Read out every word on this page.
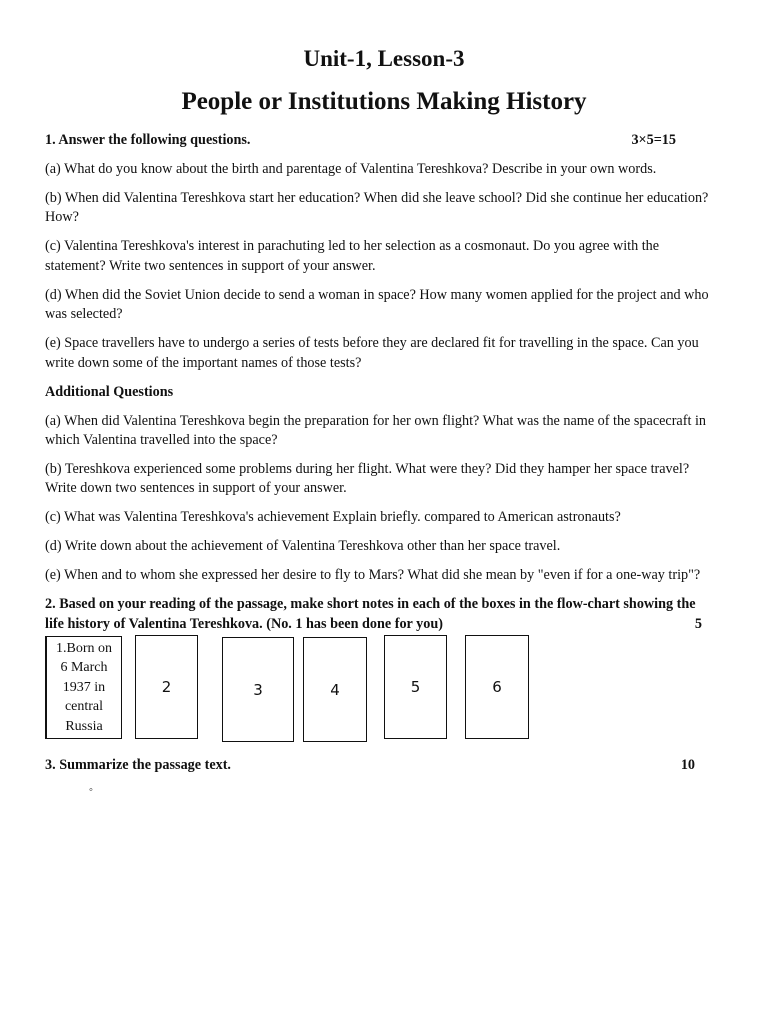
Unit-1, Lesson-3
People or Institutions Making History

1. Answer the following questions.	3×5=15

(a) What do you know about the birth and parentage of Valentina Tereshkova? Describe in your own words.

(b) When did Valentina Tereshkova start her education? When did she leave school? Did she continue her education? How?

(c) Valentina Tereshkova's interest in parachuting led to her selection as a cosmonaut. Do you agree with the statement? Write two sentences in support of your answer.

(d) When did the Soviet Union decide to send a woman in space? How many women applied for the project and who was selected?

(e) Space travellers have to undergo a series of tests before they are declared fit for travelling in the space. Can you write down some of the important names of those tests?

Additional Questions

(a) When did Valentina Tereshkova begin the preparation for her own flight? What was the name of the spacecraft in which Valentina travelled into the space?

(b) Tereshkova experienced some problems during her flight. What were they? Did they hamper her space travel? Write down two sentences in support of your answer.

(c) What was Valentina Tereshkova's achievement Explain briefly. compared to American astronauts?

(d) Write down about the achievement of Valentina Tereshkova other than her space travel.

(e) When and to whom she expressed her desire to fly to Mars? What did she mean by "even if for a one-way trip"?

2. Based on your reading of the passage, make short notes in each of the boxes in the flow-chart showing the life history of Valentina Tereshkova. (No. 1 has been done for you)	5

1.Born on 6 March 1937 in central Russia
2	3	4	5	6
3. Summarize the passage text.	10
◦
